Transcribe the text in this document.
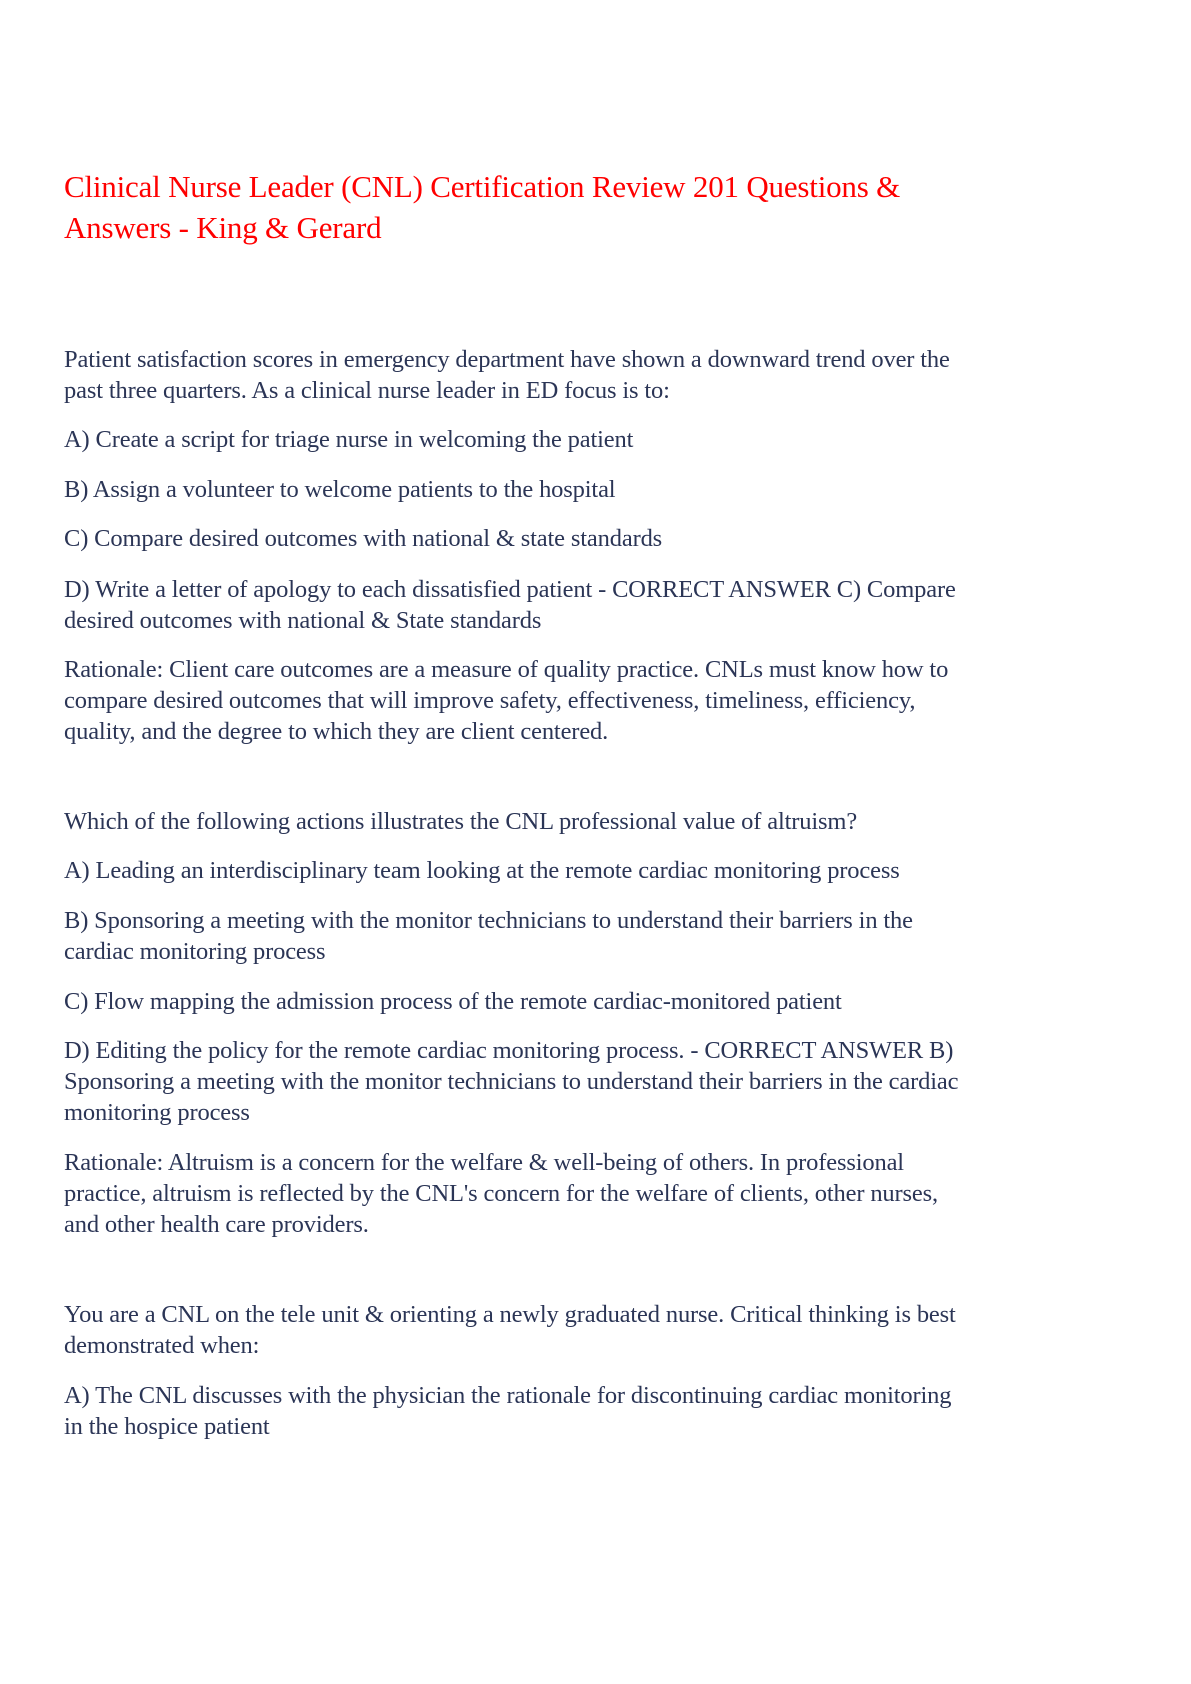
Clinical Nurse Leader (CNL) Certification Review 201 Questions &
Answers - King & Gerard

Patient satisfaction scores in emergency department have shown a downward trend over the
past three quarters. As a clinical nurse leader in ED focus is to:

A) Create a script for triage nurse in welcoming the patient

B) Assign a volunteer to welcome patients to the hospital

C) Compare desired outcomes with national & state standards

D) Write a letter of apology to each dissatisfied patient - CORRECT ANSWER C) Compare
desired outcomes with national & State standards

Rationale: Client care outcomes are a measure of quality practice. CNLs must know how to
compare desired outcomes that will improve safety, effectiveness, timeliness, efficiency,
quality, and the degree to which they are client centered.

Which of the following actions illustrates the CNL professional value of altruism?

A) Leading an interdisciplinary team looking at the remote cardiac monitoring process

B) Sponsoring a meeting with the monitor technicians to understand their barriers in the
cardiac monitoring process

C) Flow mapping the admission process of the remote cardiac-monitored patient

D) Editing the policy for the remote cardiac monitoring process. - CORRECT ANSWER B)
Sponsoring a meeting with the monitor technicians to understand their barriers in the cardiac
monitoring process

Rationale: Altruism is a concern for the welfare & well-being of others. In professional
practice, altruism is reflected by the CNL's concern for the welfare of clients, other nurses,
and other health care providers.

You are a CNL on the tele unit & orienting a newly graduated nurse. Critical thinking is best
demonstrated when:

A) The CNL discusses with the physician the rationale for discontinuing cardiac monitoring
in the hospice patient
